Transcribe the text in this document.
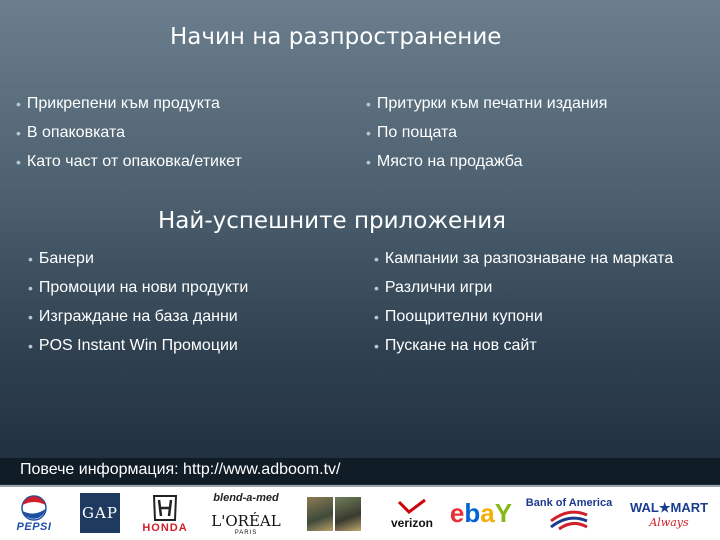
Начин на разпространение
• Прикрепени към продукта
• В опаковката
• Като част от опаковка/етикет
• Притурки към печатни издания
• По пощата
• Място на продажба
Най-успешните приложения
• Банери
• Промоции на нови продукти
• Изграждане на база данни
• POS Instant Win Промоции
• Кампании за разпознаване на марката
• Различни игри
• Поощрителни купони
• Пускане на нов сайт
Повече информация: http://www.adboom.tv/
PEPSI
GAP
HONDA
blend-a-med
L'ORÉAL
PARIS
verizon e b a Y Bank of America WAL★MART
Always
